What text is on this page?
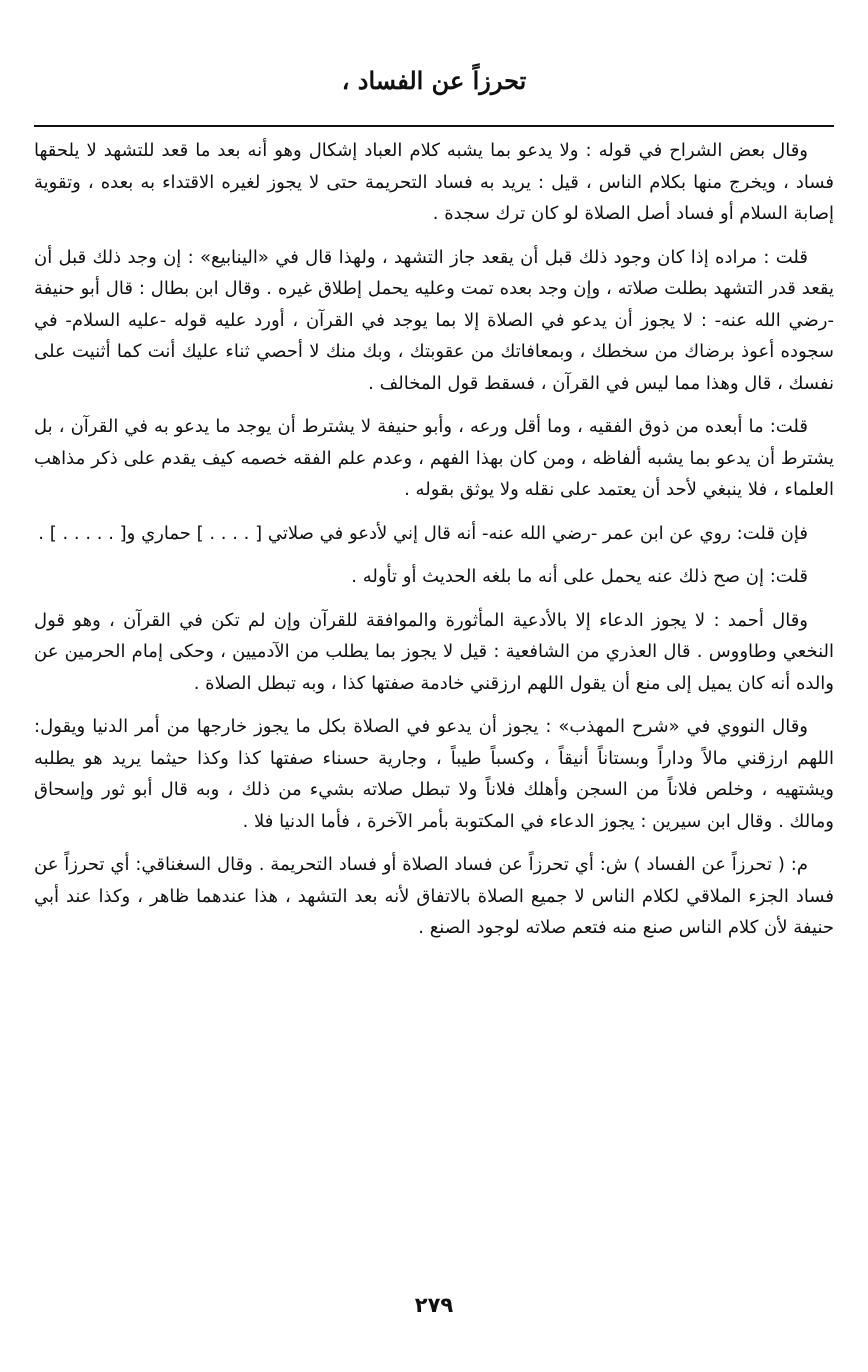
تحرزاً عن الفساد ،

وقال بعض الشراح في قوله : ولا يدعو بما يشبه كلام العباد إشكال وهو أنه بعد ما قعد للتشهد لا يلحقها فساد ، ويخرج منها بكلام الناس ، قيل : يريد به فساد التحريمة حتى لا يجوز لغيره الاقتداء به بعده ، وتقوية إصابة السلام أو فساد أصل الصلاة لو كان ترك سجدة .

قلت : مراده إذا كان وجود ذلك قبل أن يقعد جاز التشهد ، ولهذا قال في «الينابيع» : إن وجد ذلك قبل أن يقعد قدر التشهد بطلت صلاته ، وإن وجد بعده تمت وعليه يحمل إطلاق غيره . وقال ابن بطال : قال أبو حنيفة -رضي الله عنه- : لا يجوز أن يدعو في الصلاة إلا بما يوجد في القرآن ، أورد عليه قوله -عليه السلام- في سجوده أعوذ برضاك من سخطك ، وبمعافاتك من عقوبتك ، وبك منك لا أحصي ثناء عليك أنت كما أثنيت على نفسك ، قال وهذا مما ليس في القرآن ، فسقط قول المخالف .

قلت: ما أبعده من ذوق الفقيه ، وما أقل ورعه ، وأبو حنيفة لا يشترط أن يوجد ما يدعو به في القرآن ، بل يشترط أن يدعو بما يشبه ألفاظه ، ومن كان بهذا الفهم ، وعدم علم الفقه خصمه كيف يقدم على ذكر مذاهب العلماء ، فلا ينبغي لأحد أن يعتمد على نقله ولا يوثق بقوله .

فإن قلت: روي عن ابن عمر -رضي الله عنه- أنه قال إني لأدعو في صلاتي [ . . . . ] حماري و[ . . . . . ] .

قلت: إن صح ذلك عنه يحمل على أنه ما بلغه الحديث أو تأوله .

وقال أحمد : لا يجوز الدعاء إلا بالأدعية المأثورة والموافقة للقرآن وإن لم تكن في القرآن ، وهو قول النخعي وطاووس . قال العذري من الشافعية : قيل لا يجوز بما يطلب من الآدميين ، وحكى إمام الحرمين عن والده أنه كان يميل إلى منع أن يقول اللهم ارزقني خادمة صفتها كذا ، وبه تبطل الصلاة .

وقال النووي في «شرح المهذب» : يجوز أن يدعو في الصلاة بكل ما يجوز خارجها من أمر الدنيا ويقول: اللهم ارزقني مالاً وداراً وبستاناً أنيقاً ، وكسباً طيباً ، وجارية حسناء صفتها كذا وكذا حيثما يريد هو يطلبه ويشتهيه ، وخلص فلاناً من السجن وأهلك فلاناً ولا تبطل صلاته بشيء من ذلك ، وبه قال أبو ثور وإسحاق ومالك . وقال ابن سيرين : يجوز الدعاء في المكتوبة بأمر الآخرة ، فأما الدنيا فلا .

م: ( تحرزاً عن الفساد ) ش: أي تحرزاً عن فساد الصلاة أو فساد التحريمة . وقال السغناقي: أي تحرزاً عن فساد الجزء الملاقي لكلام الناس لا جميع الصلاة بالاتفاق لأنه بعد التشهد ، هذا عندهما ظاهر ، وكذا عند أبي حنيفة لأن كلام الناس صنع منه فتعم صلاته لوجود الصنع .

٢٧٩
